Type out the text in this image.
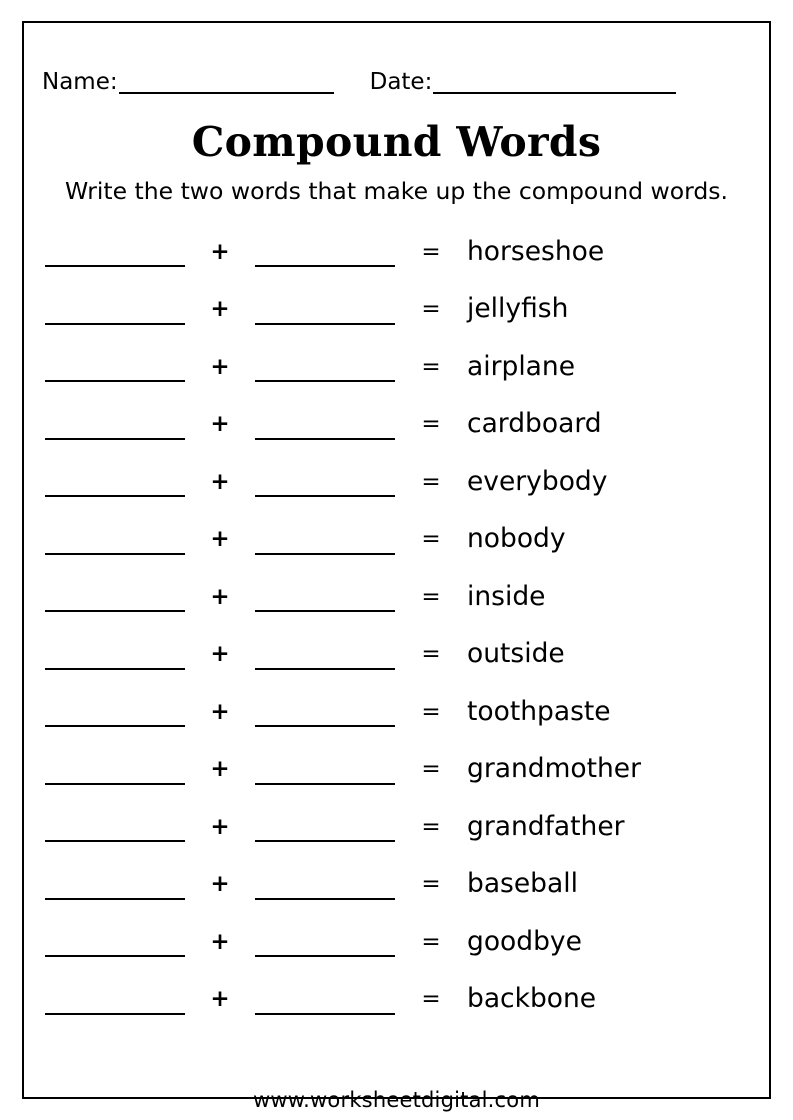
Name:	Date:
Compound Words
Write the two words that make up the compound words.
+	= horseshoe
+	= jellyfish
+	= airplane
+	= cardboard
+	= everybody
+	= nobody
+	= inside
+	= outside
+	= toothpaste
+	= grandmother
+	= grandfather
+	= baseball
+	= goodbye
+	= backbone
www.worksheetdigital.com
